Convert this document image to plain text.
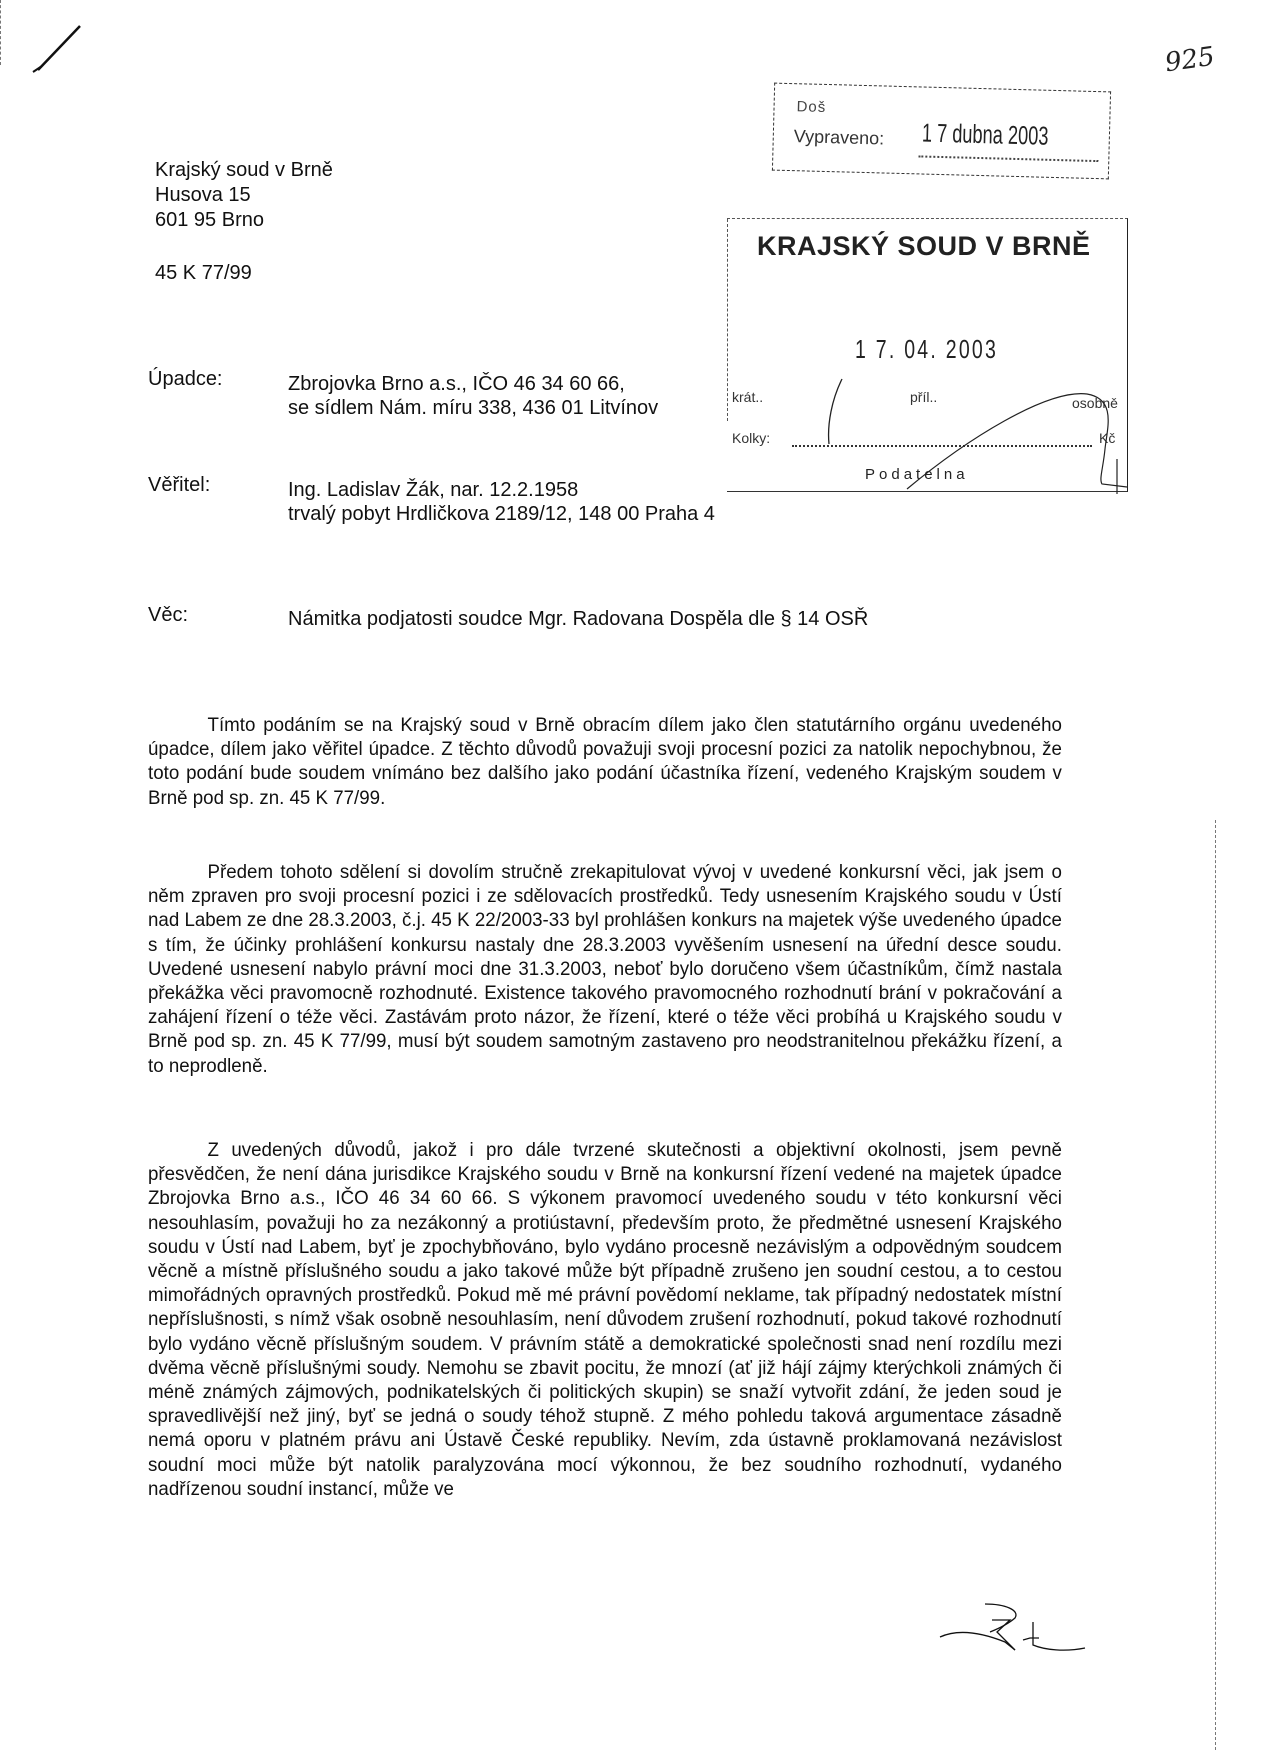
925
Krajský soud v Brně
Husova 15
601 95 Brno
45 K 77/99
Doš
Vypraveno: 1 7 dubna 2003
KRAJSKÝ SOUD V BRNĚ
1 7. 04. 2003
krát..	příl..	osobně
Kolky:	Kč
Podatelna
Úpadce:	Zbrojovka Brno a.s., IČO 46 34 60 66,
se sídlem Nám. míru 338, 436 01 Litvínov
Věřitel:	Ing. Ladislav Žák, nar. 12.2.1958
trvalý pobyt Hrdličkova 2189/12, 148 00 Praha 4
Věc:	Námitka podjatosti soudce Mgr. Radovana Dospěla dle § 14 OSŘ

Tímto podáním se na Krajský soud v Brně obracím dílem jako člen statutárního orgánu uvedeného úpadce, dílem jako věřitel úpadce. Z těchto důvodů považuji svoji procesní pozici za natolik nepochybnou, že toto podání bude soudem vnímáno bez dalšího jako podání účastníka řízení, vedeného Krajským soudem v Brně pod sp. zn. 45 K 77/99.

Předem tohoto sdělení si dovolím stručně zrekapitulovat vývoj v uvedené konkursní věci, jak jsem o něm zpraven pro svoji procesní pozici i ze sdělovacích prostředků. Tedy usnesením Krajského soudu v Ústí nad Labem ze dne 28.3.2003, č.j. 45 K 22/2003-33 byl prohlášen konkurs na majetek výše uvedeného úpadce s tím, že účinky prohlášení konkursu nastaly dne 28.3.2003 vyvěšením usnesení na úřední desce soudu. Uvedené usnesení nabylo právní moci dne 31.3.2003, neboť bylo doručeno všem účastníkům, čímž nastala překážka věci pravomocně rozhodnuté. Existence takového pravomocného rozhodnutí brání v pokračování a zahájení řízení o téže věci. Zastávám proto názor, že řízení, které o téže věci probíhá u Krajského soudu v Brně pod sp. zn. 45 K 77/99, musí být soudem samotným zastaveno pro neodstranitelnou překážku řízení, a to neprodleně.

Z uvedených důvodů, jakož i pro dále tvrzené skutečnosti a objektivní okolnosti, jsem pevně přesvědčen, že není dána jurisdikce Krajského soudu v Brně na konkursní řízení vedené na majetek úpadce Zbrojovka Brno a.s., IČO 46 34 60 66. S výkonem pravomocí uvedeného soudu v této konkursní věci nesouhlasím, považuji ho za nezákonný a protiústavní, především proto, že předmětné usnesení Krajského soudu v Ústí nad Labem, byť je zpochybňováno, bylo vydáno procesně nezávislým a odpovědným soudcem věcně a místně příslušného soudu a jako takové může být případně zrušeno jen soudní cestou, a to cestou mimořádných opravných prostředků. Pokud mě mé právní povědomí neklame, tak případný nedostatek místní nepříslušnosti, s nímž však osobně nesouhlasím, není důvodem zrušení rozhodnutí, pokud takové rozhodnutí bylo vydáno věcně příslušným soudem. V právním státě a demokratické společnosti snad není rozdílu mezi dvěma věcně příslušnými soudy. Nemohu se zbavit pocitu, že mnozí (ať již hájí zájmy kterýchkoli známých či méně známých zájmových, podnikatelských či politických skupin) se snaží vytvořit zdání, že jeden soud je spravedlivější než jiný, byť se jedná o soudy téhož stupně. Z mého pohledu taková argumentace zásadně nemá oporu v platném právu ani Ústavě České republiky. Nevím, zda ústavně proklamovaná nezávislost soudní moci může být natolik paralyzována mocí výkonnou, že bez soudního rozhodnutí, vydaného nadřízenou soudní instancí, může ve
